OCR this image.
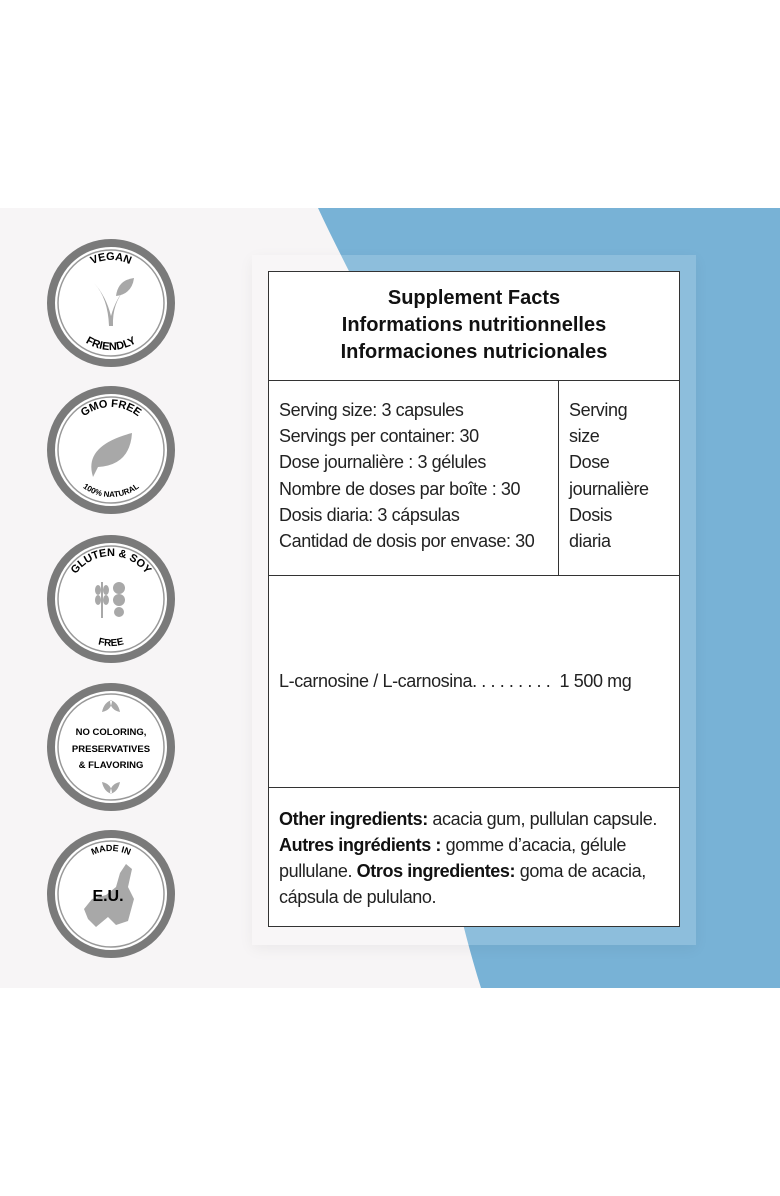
VEGAN
FRIENDLY
GMO FREE
100% NATURAL
GLUTEN & SOY
FREE
NO COLORING,
PRESERVATIVES
& FLAVORING
MADE IN
E.U.
Supplement Facts
Informations nutritionnelles
Informaciones nutricionales
Serving size: 3 capsules
Servings per container: 30
Dose journalière : 3 gélules
Nombre de doses par boîte : 30
Dosis diaria: 3 cápsulas
Cantidad de dosis por envase: 30
Serving
size
Dose
journalière
Dosis
diaria
L-carnosine / L-carnosina. . . . . . . . .
1 500 mg
Other ingredients: acacia gum, pullulan capsule. Autres ingrédients : gomme d’acacia, gélule pullulane. Otros ingredientes: goma de acacia, cápsula de pululano.
